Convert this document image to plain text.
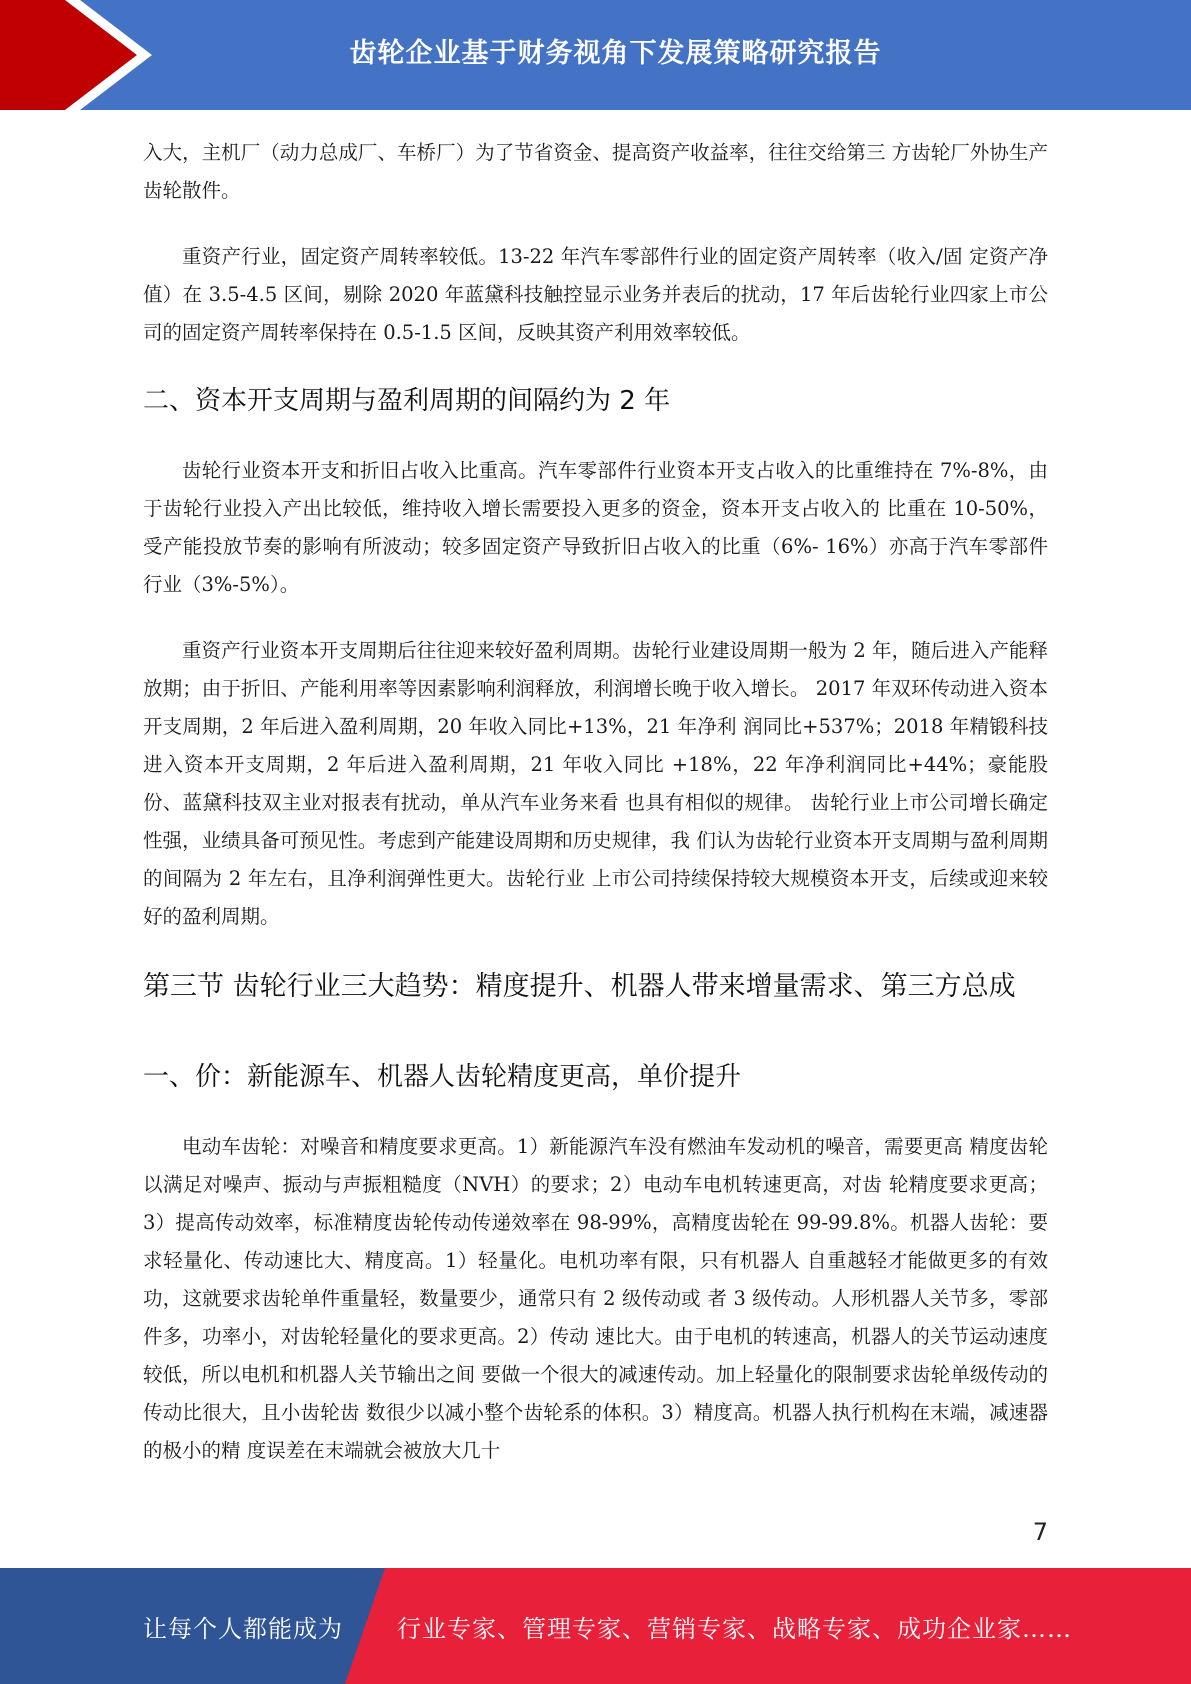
齿轮企业基于财务视角下发展策略研究报告

入大，主机厂（动力总成厂、车桥厂）为了节省资金、提高资产收益率，往往交给第三 方齿轮厂外协生产齿轮散件。

重资产行业，固定资产周转率较低。13-22 年汽车零部件行业的固定资产周转率（收入/固 定资产净值）在 3.5-4.5 区间，剔除 2020 年蓝黛科技触控显示业务并表后的扰动，17 年后齿轮行业四家上市公司的固定资产周转率保持在 0.5-1.5 区间，反映其资产利用效率较低。

二、资本开支周期与盈利周期的间隔约为 2 年

齿轮行业资本开支和折旧占收入比重高。汽车零部件行业资本开支占收入的比重维持在 7%-8%，由于齿轮行业投入产出比较低，维持收入增长需要投入更多的资金，资本开支占收入的 比重在 10-50%，受产能投放节奏的影响有所波动；较多固定资产导致折旧占收入的比重（6%- 16%）亦高于汽车零部件行业（3%-5%）。

重资产行业资本开支周期后往往迎来较好盈利周期。齿轮行业建设周期一般为 2 年，随后进入产能释放期；由于折旧、产能利用率等因素影响利润释放，利润增长晚于收入增长。 2017 年双环传动进入资本开支周期，2 年后进入盈利周期，20 年收入同比+13%，21 年净利 润同比+537%；2018 年精锻科技进入资本开支周期，2 年后进入盈利周期，21 年收入同比 +18%，22 年净利润同比+44%；豪能股份、蓝黛科技双主业对报表有扰动，单从汽车业务来看 也具有相似的规律。 齿轮行业上市公司增长确定性强，业绩具备可预见性。考虑到产能建设周期和历史规律，我 们认为齿轮行业资本开支周期与盈利周期的间隔为 2 年左右，且净利润弹性更大。齿轮行业 上市公司持续保持较大规模资本开支，后续或迎来较好的盈利周期。

第三节 齿轮行业三大趋势：精度提升、机器人带来增量需求、第三方总成
一、价：新能源车、机器人齿轮精度更高，单价提升

电动车齿轮：对噪音和精度要求更高。1）新能源汽车没有燃油车发动机的噪音，需要更高 精度齿轮以满足对噪声、振动与声振粗糙度（NVH）的要求；2）电动车电机转速更高，对齿 轮精度要求更高；3）提高传动效率，标准精度齿轮传动传递效率在 98-99%，高精度齿轮在 99-99.8%。机器人齿轮：要求轻量化、传动速比大、精度高。1）轻量化。电机功率有限，只有机器人 自重越轻才能做更多的有效功，这就要求齿轮单件重量轻，数量要少，通常只有 2 级传动或 者 3 级传动。人形机器人关节多，零部件多，功率小，对齿轮轻量化的要求更高。2）传动 速比大。由于电机的转速高，机器人的关节运动速度较低，所以电机和机器人关节输出之间 要做一个很大的减速传动。加上轻量化的限制要求齿轮单级传动的传动比很大，且小齿轮齿 数很少以减小整个齿轮系的体积。3）精度高。机器人执行机构在末端，减速器的极小的精 度误差在末端就会被放大几十

7
让每个人都能成为 行业专家、管理专家、营销专家、战略专家、成功企业家……
